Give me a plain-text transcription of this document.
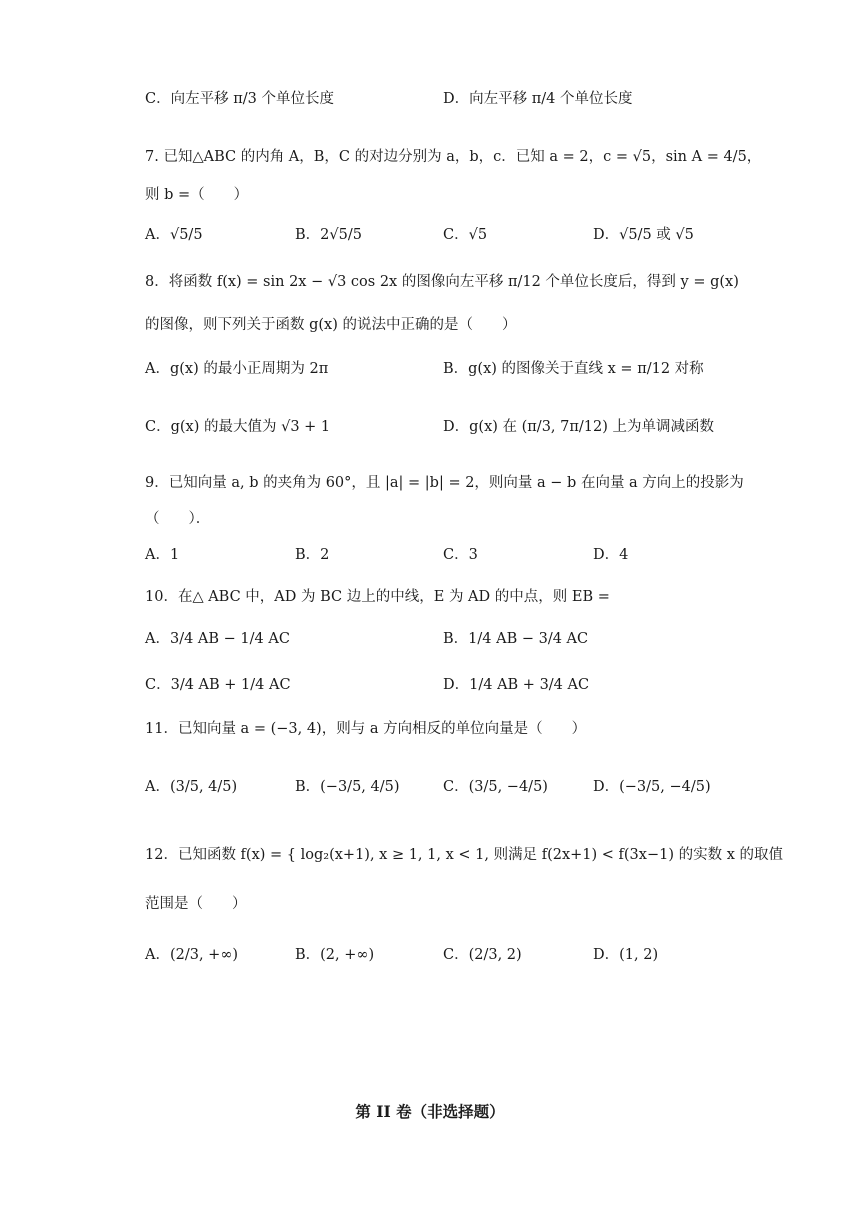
C．向左平移 π/3 个单位长度	D．向左平移 π/4 个单位长度
7. 已知△ABC 的内角 A，B，C 的对边分别为 a，b，c．已知 a = 2，c = √5，sin A = 4/5，
则 b =（　　）
A．√5/5	B．2√5/5	C．√5	D．√5/5 或 √5
8．将函数 f(x) = sin 2x − √3 cos 2x 的图像向左平移 π/12 个单位长度后，得到 y = g(x)
的图像，则下列关于函数 g(x) 的说法中正确的是（　　）
A．g(x) 的最小正周期为 2π	B．g(x) 的图像关于直线 x = π/12 对称
C．g(x) 的最大值为 √3 + 1	D．g(x) 在 (π/3, 7π/12) 上为单调减函数
9．已知向量 a, b 的夹角为 60°，且 |a| = |b| = 2，则向量 a − b 在向量 a 方向上的投影为
（　　）．
A．1	B．2	C．3	D．4
10．在△ ABC 中，AD 为 BC 边上的中线，E 为 AD 的中点，则 EB =
A．3/4 AB − 1/4 AC	B．1/4 AB − 3/4 AC
C．3/4 AB + 1/4 AC	D．1/4 AB + 3/4 AC
11．已知向量 a = (−3, 4)，则与 a 方向相反的单位向量是（　　）
A．(3/5, 4/5)	B．(−3/5, 4/5)	C．(3/5, −4/5)	D．(−3/5, −4/5)
12．已知函数 f(x) = { log₂(x+1), x ≥ 1, 1, x < 1, 则满足 f(2x+1) < f(3x−1) 的实数 x 的取值
范围是（　　）
A．(2/3, +∞)	B．(2, +∞)	C．(2/3, 2)	D．(1, 2)
第 II 卷（非选择题）
